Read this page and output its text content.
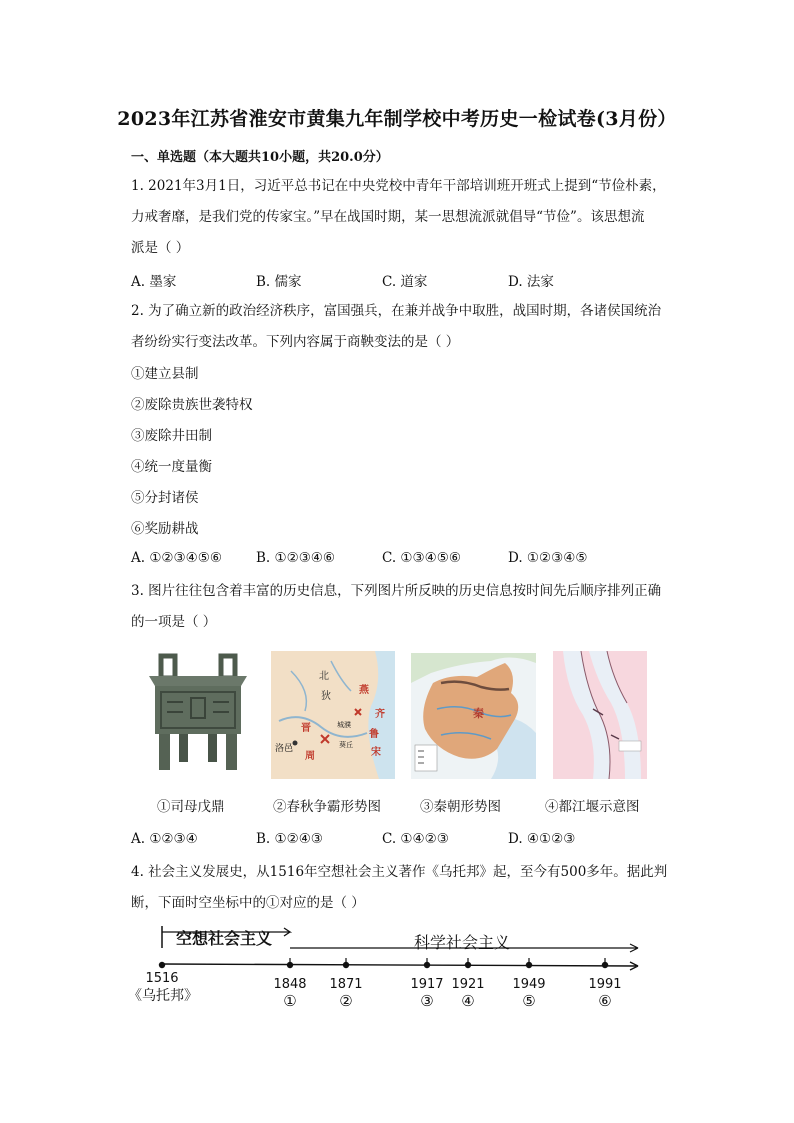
2023年江苏省淮安市黄集九年制学校中考历史一检试卷(3月份）
一、单选题（本大题共10小题，共20.0分）
1. 2021年3月1日，习近平总书记在中央党校中青年干部培训班开班式上提到“节俭朴素，
力戒奢靡，是我们党的传家宝。”早在战国时期，某一思想流派就倡导“节俭”。该思想流
派是（ ）
A. 墨家	B. 儒家	C. 道家	D. 法家
2. 为了确立新的政治经济秩序，富国强兵，在兼并战争中取胜，战国时期，各诸侯国统治
者纷纷实行变法改革。下列内容属于商鞅变法的是（ ）
①建立县制
②废除贵族世袭特权
③废除井田制
④统一度量衡
⑤分封诸侯
⑥奖励耕战
A. ①②③④⑤⑥	B. ①②③④⑥	C. ①③④⑤⑥	D. ①②③④⑤
3. 图片往往包含着丰富的历史信息，下列图片所反映的历史信息按时间先后顺序排列正确
的一项是（ ）
北
狄
燕
齐
晋
鲁
周	宋
洛邑
城濮
葵丘
秦
①司母戊鼎	②春秋争霸形势图	③秦朝形势图	④都江堰示意图
A. ①②③④	B. ①②④③	C. ①④②③	D. ④①②③
4. 社会主义发展史，从1516年空想社会主义著作《乌托邦》起，至今有500多年。据此判
断，下面时空坐标中的①对应的是（ ）
空想社会主义	科学社会主义
1516	1848
①
1871
②
1917
③
1921
④
1949
⑤
1991
⑥
《乌托邦》
